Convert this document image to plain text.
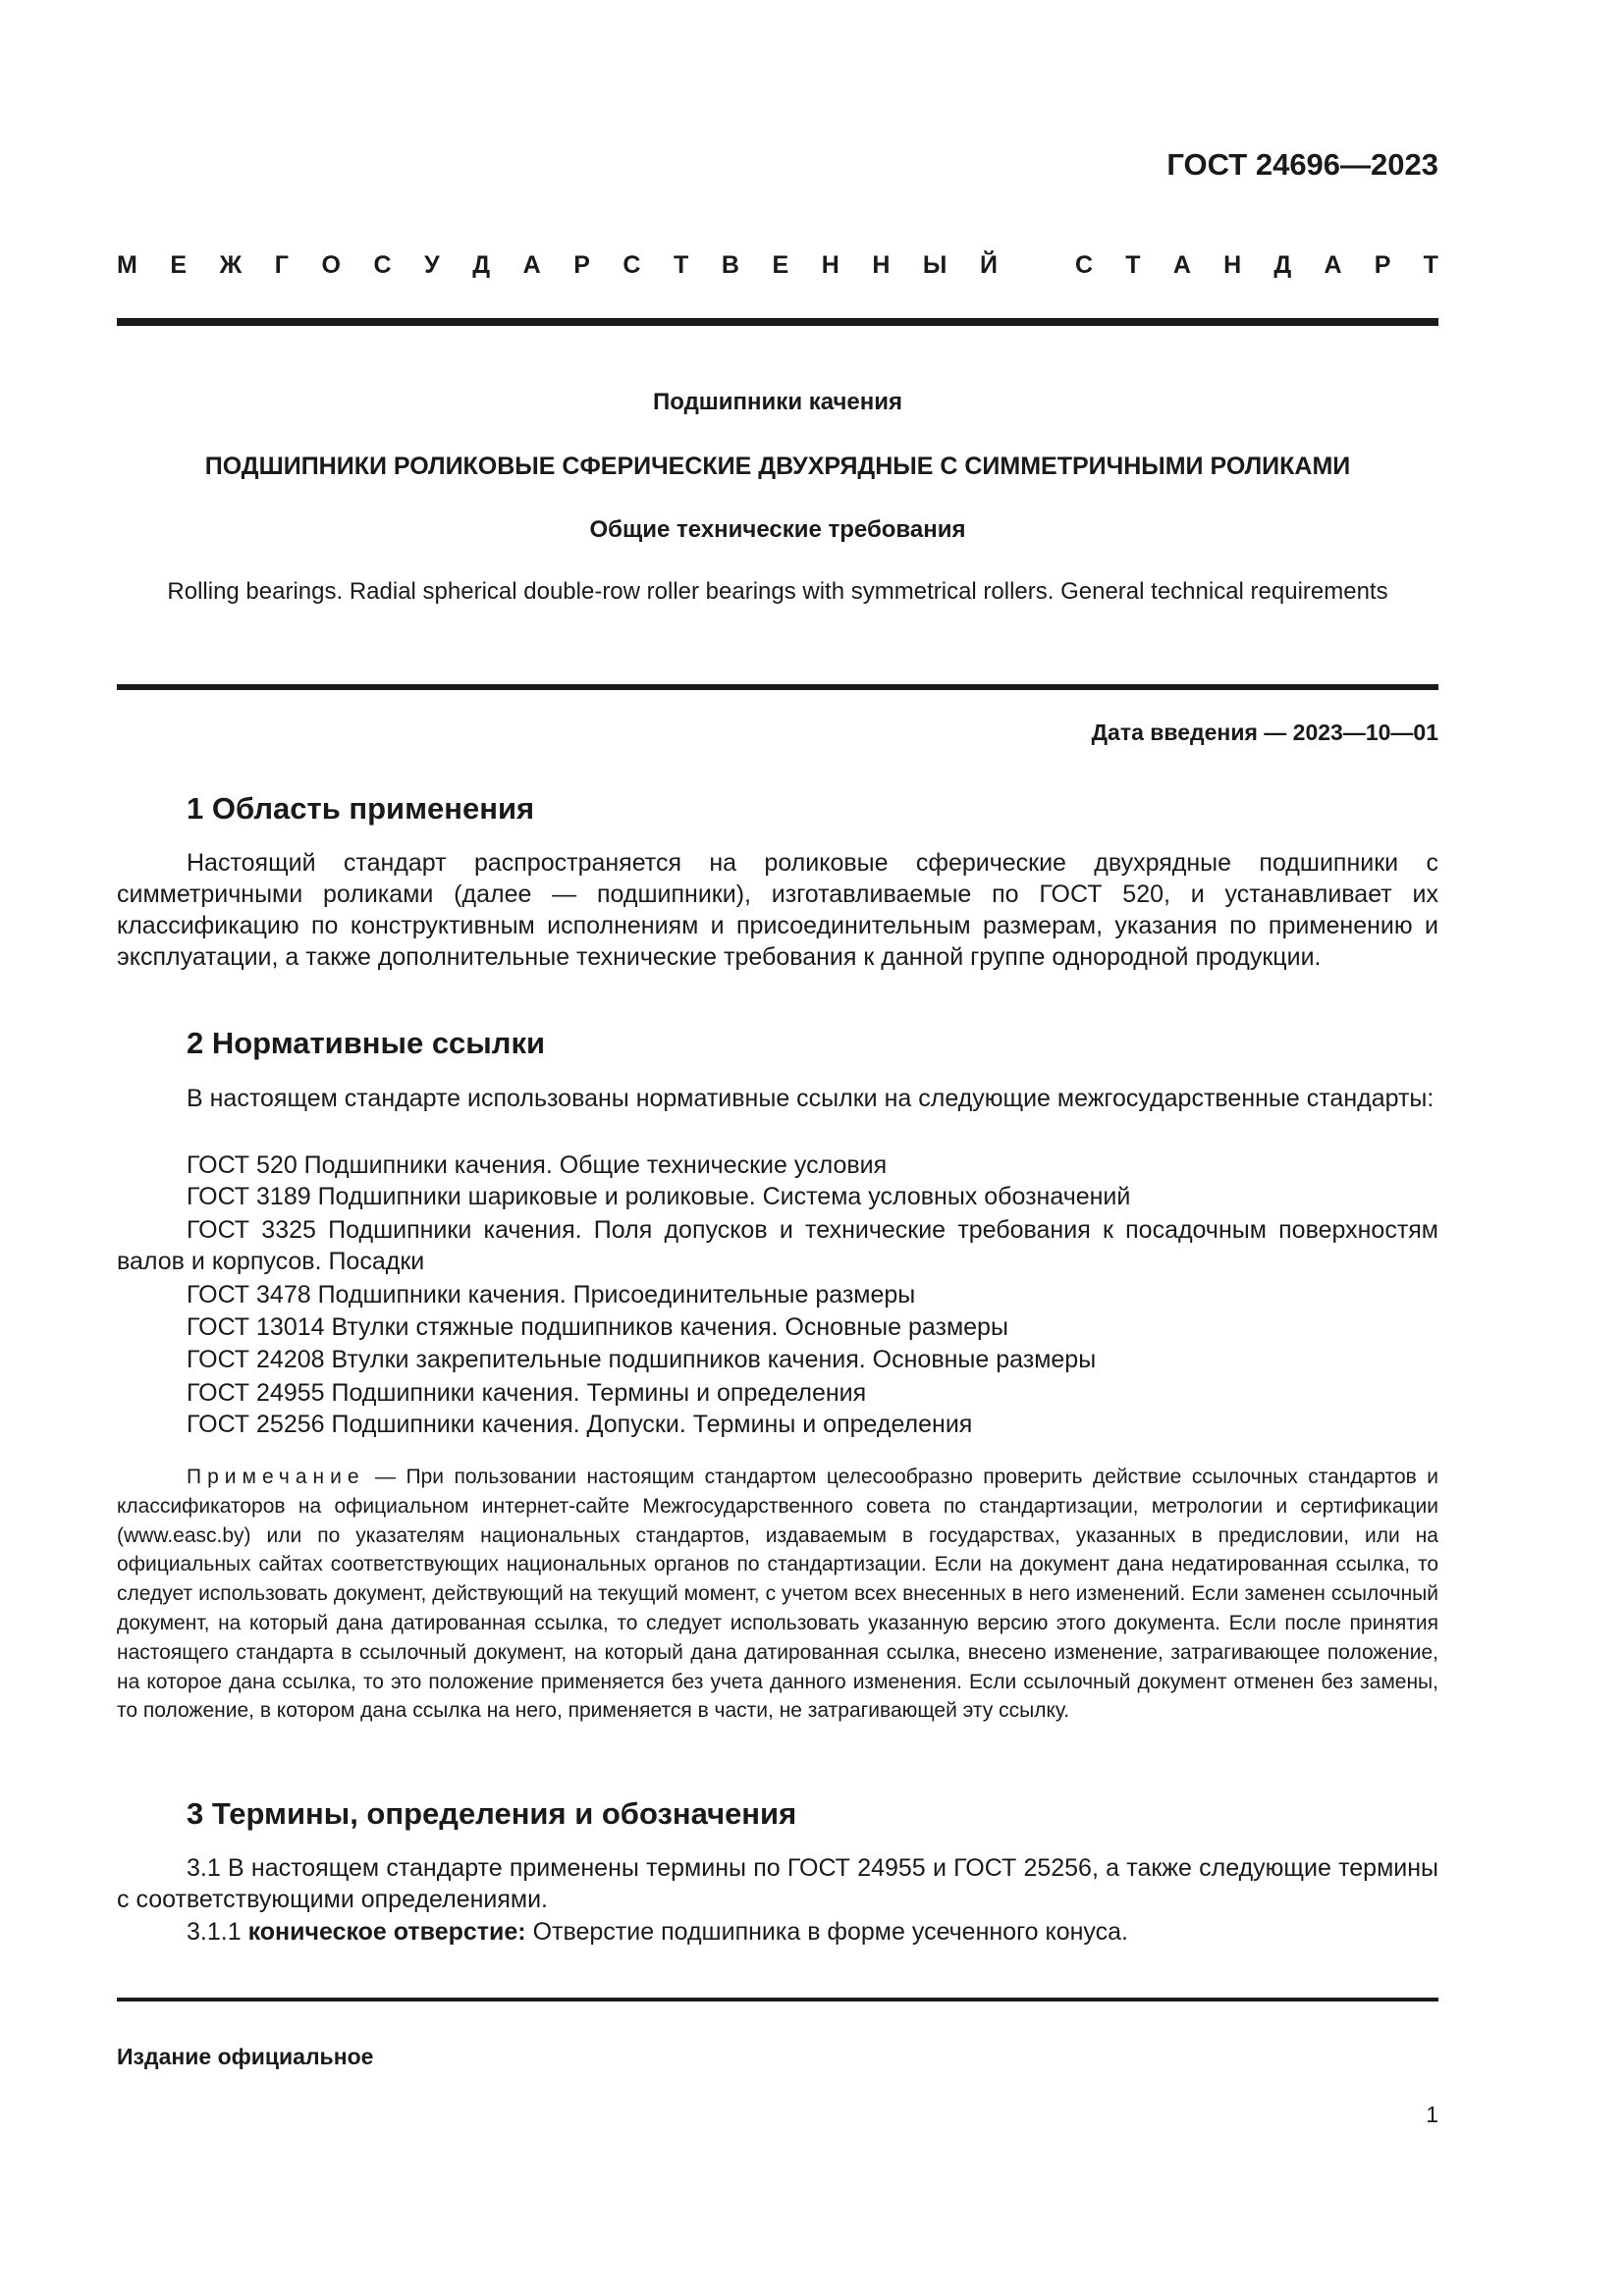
ГОСТ 24696—2023
М Е Ж Г О С У Д А Р С Т В Е Н Н Ы Й	С Т А Н Д А Р Т
Подшипники качения
ПОДШИПНИКИ РОЛИКОВЫЕ СФЕРИЧЕСКИЕ ДВУХРЯДНЫЕ С СИММЕТРИЧНЫМИ РОЛИКАМИ
Общие технические требования
Rolling bearings. Radial spherical double-row roller bearings with symmetrical rollers. General technical requirements
Дата введения — 2023—10—01
1 Область применения
Настоящий стандарт распространяется на роликовые сферические двухрядные подшипники с симметричными роликами (далее — подшипники), изготавливаемые по ГОСТ 520, и устанавливает их классификацию по конструктивным исполнениям и присоединительным размерам, указания по применению и эксплуатации, а также дополнительные технические требования к данной группе однородной продукции.
2 Нормативные ссылки
В настоящем стандарте использованы нормативные ссылки на следующие межгосударственные стандарты:
ГОСТ 520 Подшипники качения. Общие технические условия
ГОСТ 3189 Подшипники шариковые и роликовые. Система условных обозначений
ГОСТ 3325 Подшипники качения. Поля допусков и технические требования к посадочным поверхностям валов и корпусов. Посадки
ГОСТ 3478 Подшипники качения. Присоединительные размеры
ГОСТ 13014 Втулки стяжные подшипников качения. Основные размеры
ГОСТ 24208 Втулки закрепительные подшипников качения. Основные размеры
ГОСТ 24955 Подшипники качения. Термины и определения
ГОСТ 25256 Подшипники качения. Допуски. Термины и определения
Примечание — При пользовании настоящим стандартом целесообразно проверить действие ссылочных стандартов и классификаторов на официальном интернет-сайте Межгосударственного совета по стандартизации, метрологии и сертификации (www.easc.by) или по указателям национальных стандартов, издаваемым в государствах, указанных в предисловии, или на официальных сайтах соответствующих национальных органов по стандартизации. Если на документ дана недатированная ссылка, то следует использовать документ, действующий на текущий момент, с учетом всех внесенных в него изменений. Если заменен ссылочный документ, на который дана датированная ссылка, то следует использовать указанную версию этого документа. Если после принятия настоящего стандарта в ссылочный документ, на который дана датированная ссылка, внесено изменение, затрагивающее положение, на которое дана ссылка, то это положение применяется без учета данного изменения. Если ссылочный документ отменен без замены, то положение, в котором дана ссылка на него, применяется в части, не затрагивающей эту ссылку.
3 Термины, определения и обозначения
3.1 В настоящем стандарте применены термины по ГОСТ 24955 и ГОСТ 25256, а также следующие термины с соответствующими определениями.
3.1.1 коническое отверстие: Отверстие подшипника в форме усеченного конуса.
Издание официальное
1
